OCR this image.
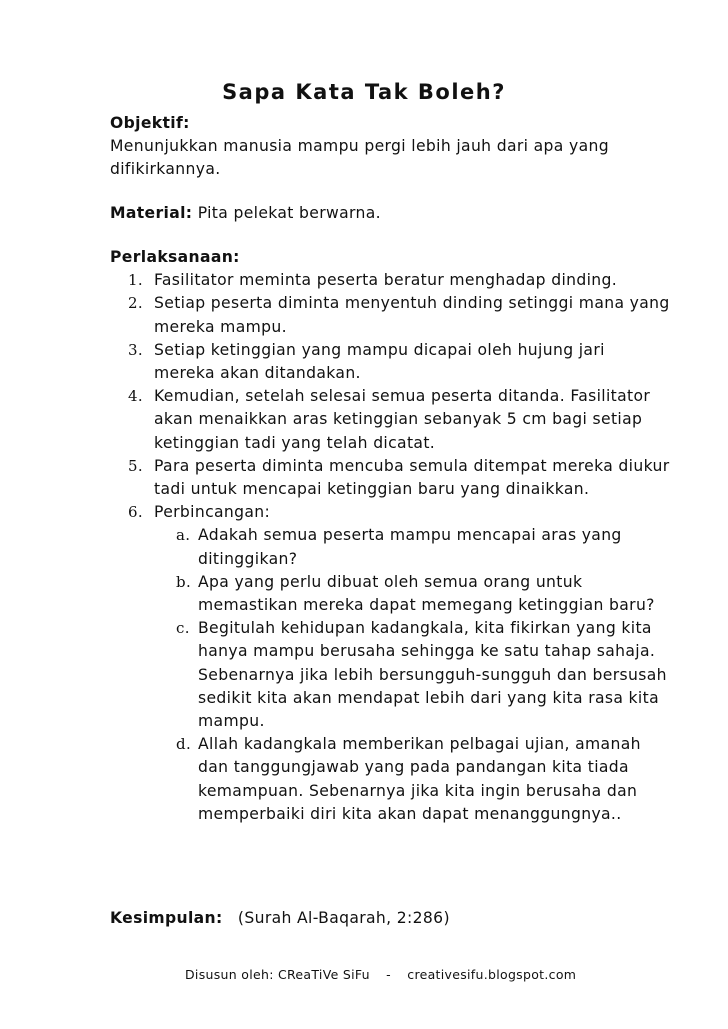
Sapa Kata Tak Boleh?
Objektif:
Menunjukkan manusia mampu pergi lebih jauh dari apa yang difikirkannya.
Material: Pita pelekat berwarna.
Perlaksanaan:
1. Fasilitator meminta peserta beratur menghadap dinding.
2. Setiap peserta diminta menyentuh dinding setinggi mana yang mereka mampu.
3. Setiap ketinggian yang mampu dicapai oleh hujung jari mereka akan ditandakan.
4. Kemudian, setelah selesai semua peserta ditanda. Fasilitator akan menaikkan aras ketinggian sebanyak 5 cm bagi setiap ketinggian tadi yang telah dicatat.
5. Para peserta diminta mencuba semula ditempat mereka diukur tadi untuk mencapai ketinggian baru yang dinaikkan.
6. Perbincangan:
a. Adakah semua peserta mampu mencapai aras yang ditinggikan?
b. Apa yang perlu dibuat oleh semua orang untuk memastikan mereka dapat memegang ketinggian baru?
c. Begitulah kehidupan kadangkala, kita fikirkan yang kita hanya mampu berusaha sehingga ke satu tahap sahaja. Sebenarnya jika lebih bersungguh-sungguh dan bersusah sedikit kita akan mendapat lebih dari yang kita rasa kita mampu.
d. Allah kadangkala memberikan pelbagai ujian, amanah dan tanggungjawab yang pada pandangan kita tiada kemampuan. Sebenarnya jika kita ingin berusaha dan memperbaiki diri kita akan dapat menanggungnya..
Kesimpulan: (Surah Al-Baqarah, 2:286)
Disusun oleh: CReaTiVe SiFu - creativesifu.blogspot.com
